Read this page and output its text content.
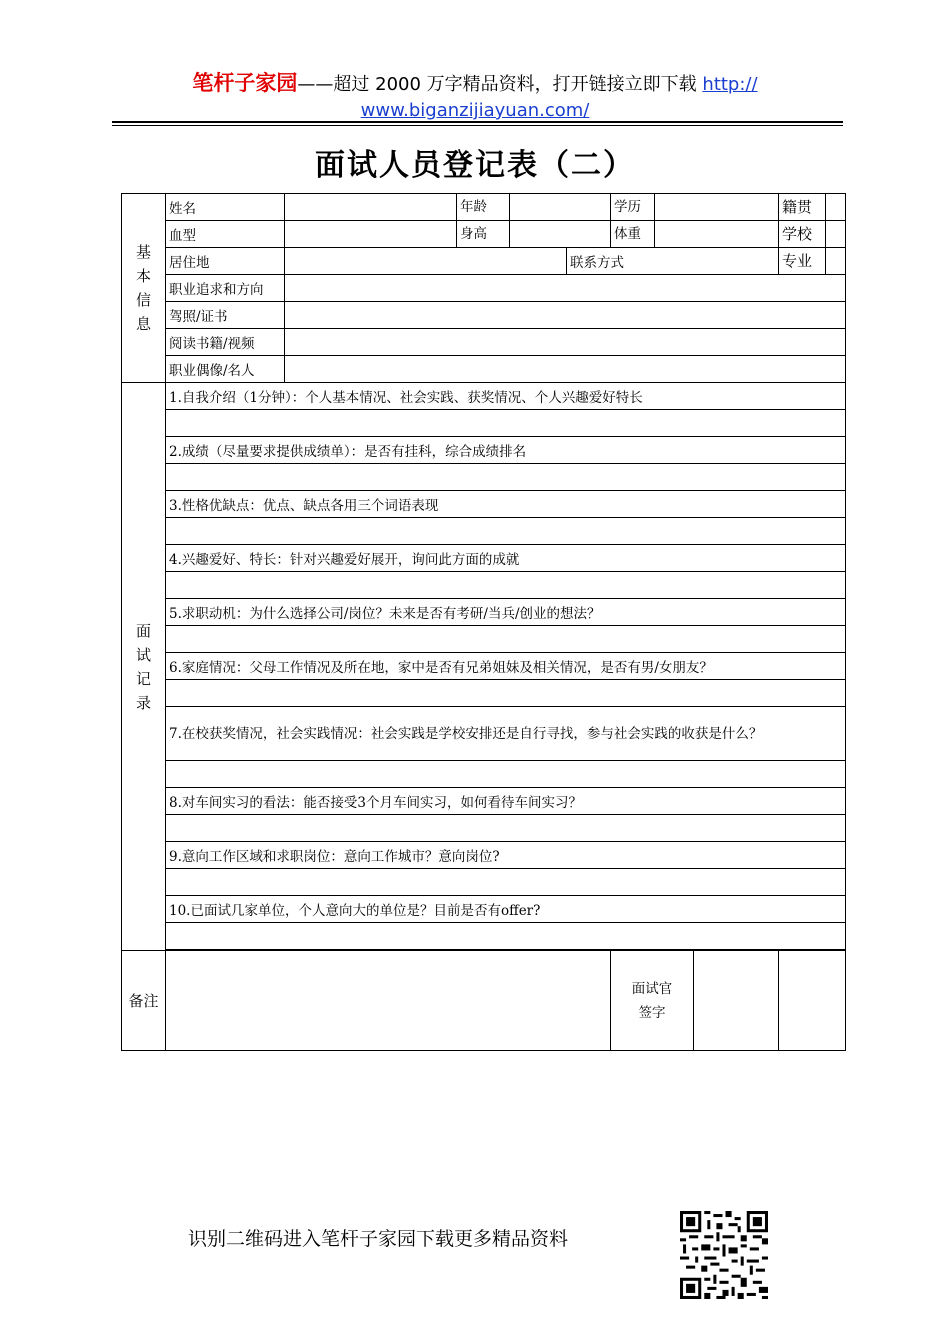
笔杆子家园——超过 2000 万字精品资料，打开链接立即下载 http://
www.biganzijiayuan.com/
面试人员登记表（二）
基本信息	姓名		年龄		学历	籍贯

	血型		身高		体重	学校

	居住地			联系方式		专业

	职业追求和方向					
	驾照/证书					
	阅读书籍/视频					
	职业偶像/名人					

面试记录	1.自我介绍（1分钟）：个人基本情况、社会实践、获奖情况、个人兴趣爱好特长					

	2.成绩（尽量要求提供成绩单）：是否有挂科，综合成绩排名					

	3.性格优缺点：优点、缺点各用三个词语表现					

	4.兴趣爱好、特长：针对兴趣爱好展开，询问此方面的成就					

	5.求职动机：为什么选择公司/岗位？未来是否有考研/当兵/创业的想法？					

	6.家庭情况：父母工作情况及所在地，家中是否有兄弟姐妹及相关情况，是否有男/女朋友？					

	7.在校获奖情况，社会实践情况：社会实践是学校安排还是自行寻找，参与社会实践的收获是什么？					

	8.对车间实习的看法：能否接受3个月车间实习，如何看待车间实习？					

	9.意向工作区域和求职岗位：意向工作城市？意向岗位?					

	10.已面试几家单位，个人意向大的单位是？目前是否有offer?					

备注					面试官签字	

识别二维码进入笔杆子家园下载更多精品资料
